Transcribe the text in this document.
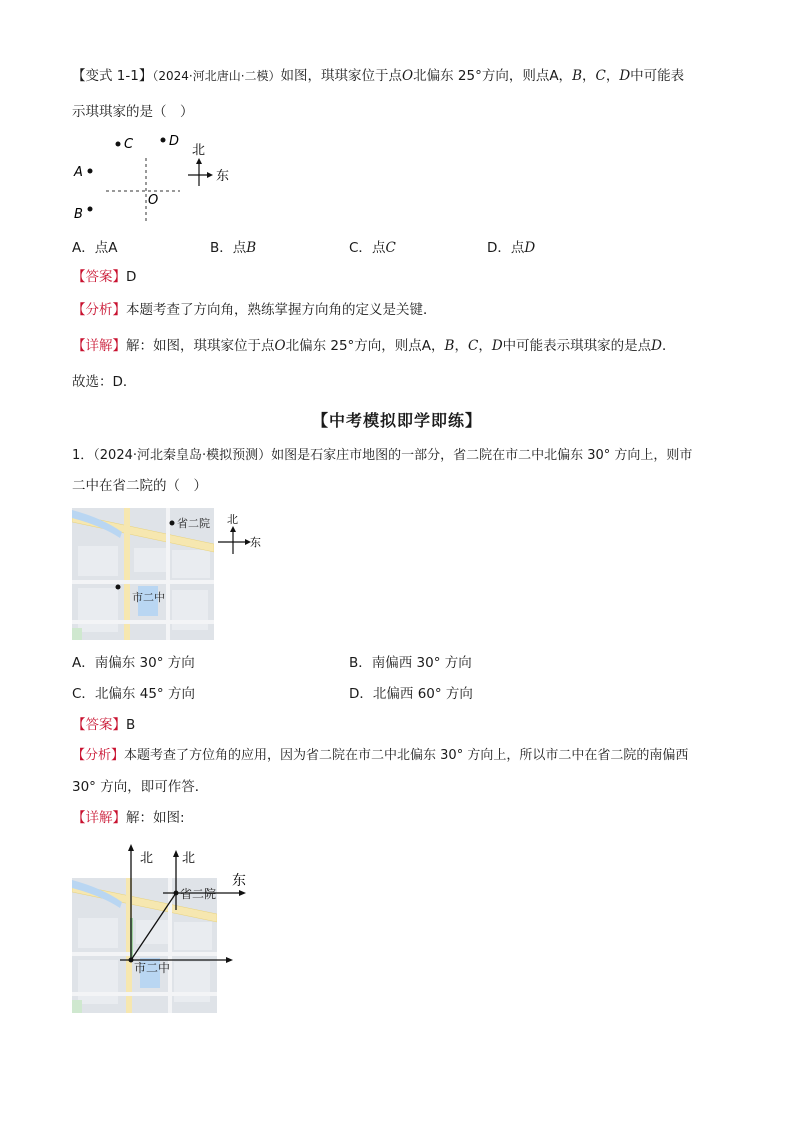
【变式 1-1】（2024·河北唐山·二模）如图，琪琪家位于点O北偏东 25°方向，则点A，B，C，D中可能表
示琪琪家的是（　）
C	D
A
B
O
北
东
A．点A	B．点B	C．点C	D．点D
【答案】D
【分析】本题考查了方向角，熟练掌握方向角的定义是关键．
【详解】解：如图，琪琪家位于点O北偏东 25°方向，则点A，B，C，D中可能表示琪琪家的是点D．
故选：D．
【中考模拟即学即练】
1．（2024·河北秦皇岛·模拟预测）如图是石家庄市地图的一部分，省二院在市二中北偏东 30° 方向上，则市
二中在省二院的（　）
省二院
市二中
北
东
A．南偏东 30° 方向	B．南偏西 30° 方向
C．北偏东 45° 方向	D．北偏西 60° 方向
【答案】B
【分析】本题考查了方位角的应用，因为省二院在市二中北偏东 30° 方向上，所以市二中在省二院的南偏西
30° 方向，即可作答．
【详解】解：如图:
北 北
东
省二院
市二中
